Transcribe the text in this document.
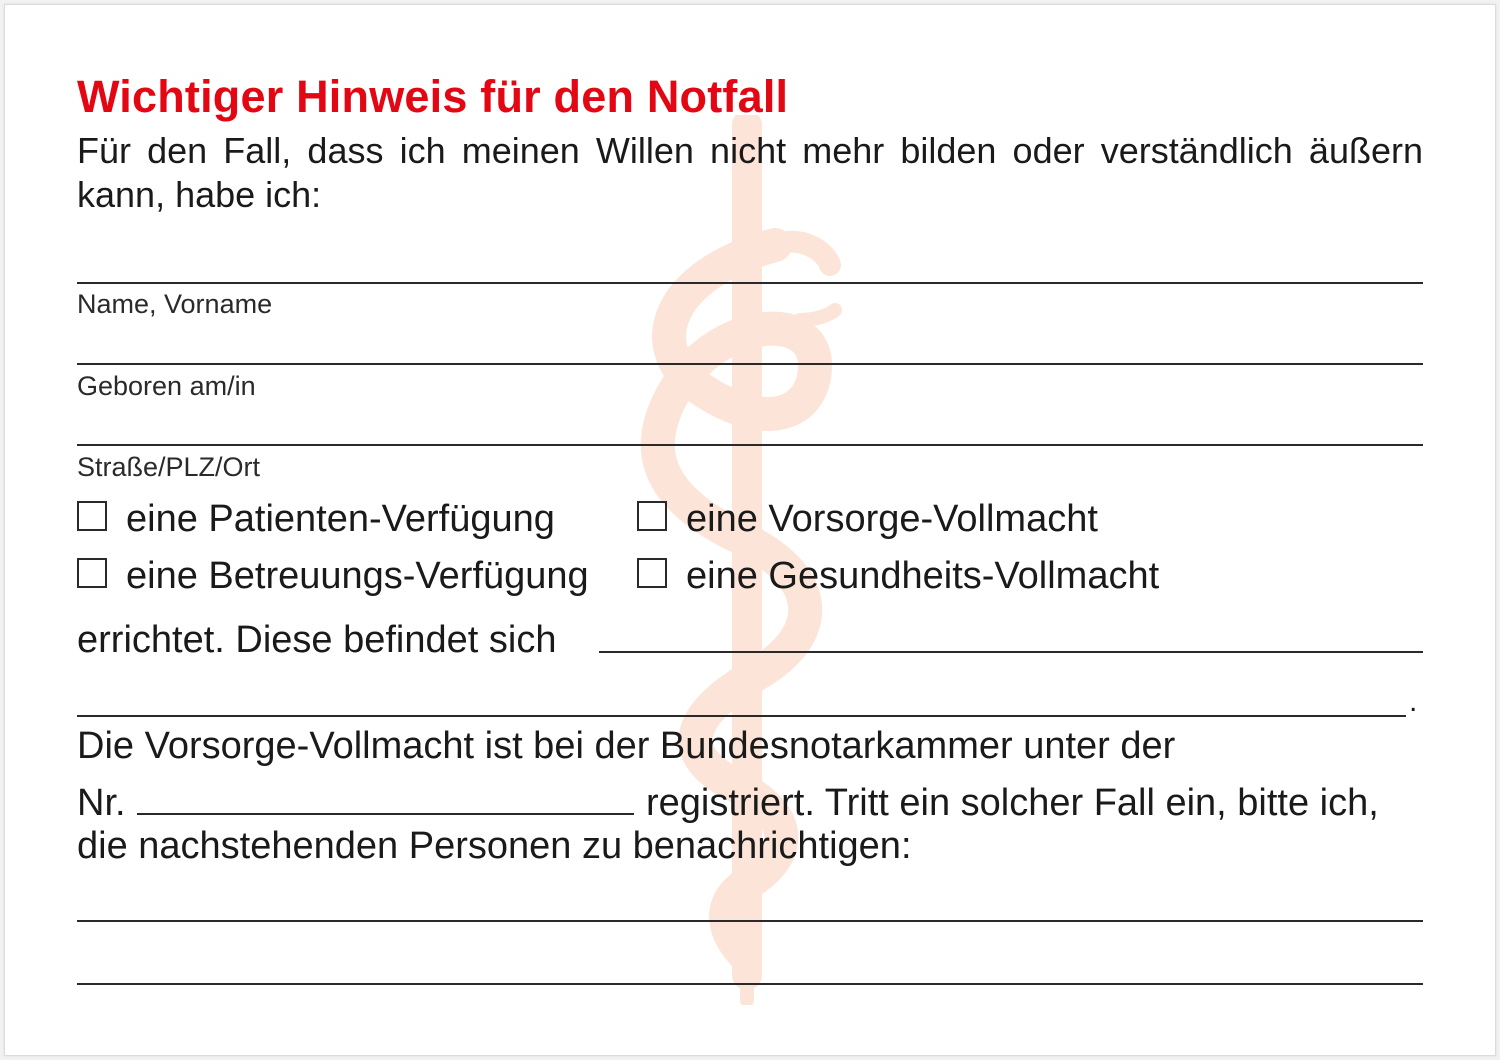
Wichtiger Hinweis für den Notfall
Für den Fall, dass ich meinen Willen nicht mehr bilden oder verständlich äußern kann, habe ich:
Name, Vorname
Geboren am/in
Straße/PLZ/Ort
eine Patienten-Verfügung	eine Vorsorge-Vollmacht
eine Betreuungs-Verfügung	eine Gesundheits-Vollmacht
errichtet. Diese befindet sich
.
Die Vorsorge-Vollmacht ist bei der Bundesnotarkammer unter der
Nr.	registriert. Tritt ein solcher Fall ein, bitte ich,
die nachstehenden Personen zu benachrichtigen:
